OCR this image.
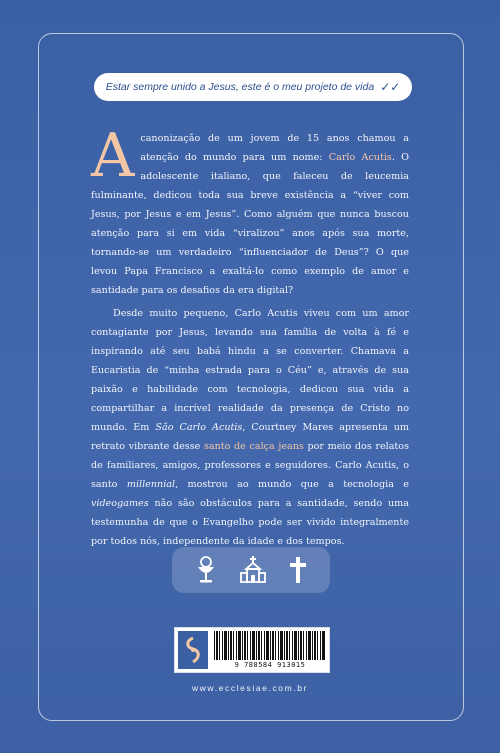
Estar sempre unido a Jesus, este é o meu projeto de vida ✓✓

Acanonização de um jovem de 15 anos chamou a atenção do mundo para um nome: Carlo Acutis. O adolescente italiano, que faleceu de leucemia fulminante, dedicou toda sua breve existência a “viver com Jesus, por Jesus e em Jesus”. Como alguém que nunca buscou atenção para si em vida “viralizou” anos após sua morte, tornando-se um verdadeiro “influenciador de Deus”? O que levou Papa Francisco a exaltá-lo como exemplo de amor e santidade para os desafios da era digital?

Desde muito pequeno, Carlo Acutis viveu com um amor contagiante por Jesus, levando sua família de volta à fé e inspirando até seu babá hindu a se converter. Chamava a Eucaristia de “minha estrada para o Céu” e, através de sua paixão e habilidade com tecnologia, dedicou sua vida a compartilhar a incrível realidade da presença de Cristo no mundo. Em São Carlo Acutis, Courtney Mares apresenta um retrato vibrante desse santo de calça jeans por meio dos relatos de familiares, amigos, professores e seguidores. Carlo Acutis, o santo millennial, mostrou ao mundo que a tecnologia e videogames não são obstáculos para a santidade, sendo uma testemunha de que o Evangelho pode ser vivido integralmente por todos nós, independente da idade e dos tempos.

9 788584 913015
www.ecclesiae.com.br
